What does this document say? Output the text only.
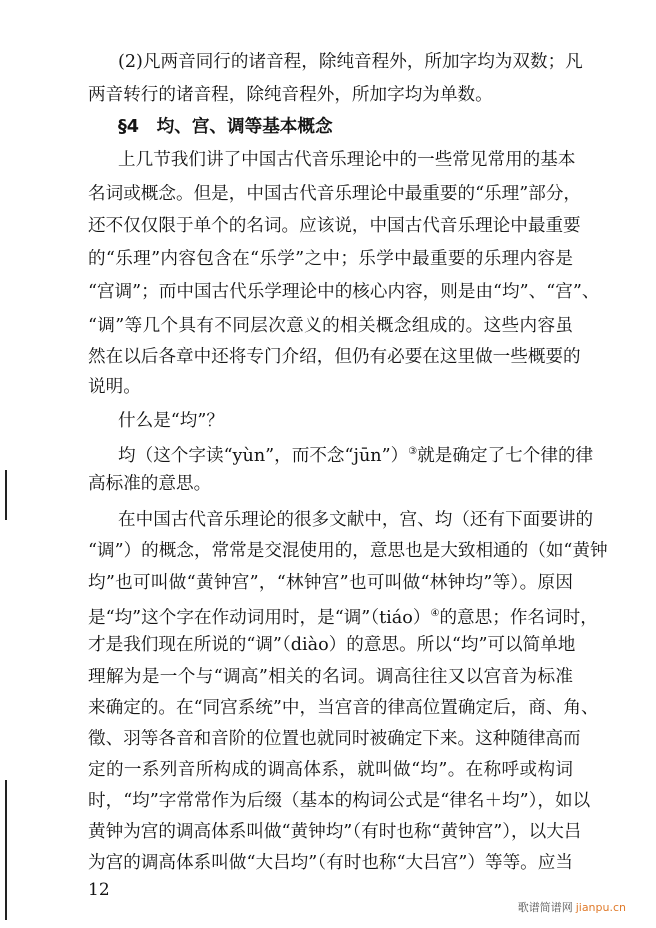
(2)凡两音同行的诸音程，除纯音程外，所加字均为双数；凡
两音转行的诸音程，除纯音程外，所加字均为单数。
§4　均、宫、调等基本概念
上几节我们讲了中国古代音乐理论中的一些常见常用的基本
名词或概念。但是，中国古代音乐理论中最重要的“乐理”部分，
还不仅仅限于单个的名词。应该说，中国古代音乐理论中最重要
的“乐理”内容包含在“乐学”之中；乐学中最重要的乐理内容是
“宫调”；而中国古代乐学理论中的核心内容，则是由“均”、“宫”、
“调”等几个具有不同层次意义的相关概念组成的。这些内容虽
然在以后各章中还将专门介绍，但仍有必要在这里做一些概要的
说明。
什么是“均”？
均（这个字读“yùn”，而不念“jūn”）③就是确定了七个律的律
高标准的意思。
在中国古代音乐理论的很多文献中，宫、均（还有下面要讲的
“调”）的概念，常常是交混使用的，意思也是大致相通的（如“黄钟
均”也可叫做“黄钟宫”，“林钟宫”也可叫做“林钟均”等）。原因
是“均”这个字在作动词用时，是“调”（tiáo）④的意思；作名词时，
才是我们现在所说的“调”（diào）的意思。所以“均”可以简单地
理解为是一个与“调高”相关的名词。调高往往又以宫音为标准
来确定的。在“同宫系统”中，当宫音的律高位置确定后，商、角、
徵、羽等各音和音阶的位置也就同时被确定下来。这种随律高而
定的一系列音所构成的调高体系，就叫做“均”。在称呼或构词
时，“均”字常常作为后缀（基本的构词公式是“律名＋均”），如以
黄钟为宫的调高体系叫做“黄钟均”（有时也称“黄钟宫”），以大吕
为宫的调高体系叫做“大吕均”（有时也称“大吕宫”）等等。应当
12
歌谱简谱网 jianpu.cn
